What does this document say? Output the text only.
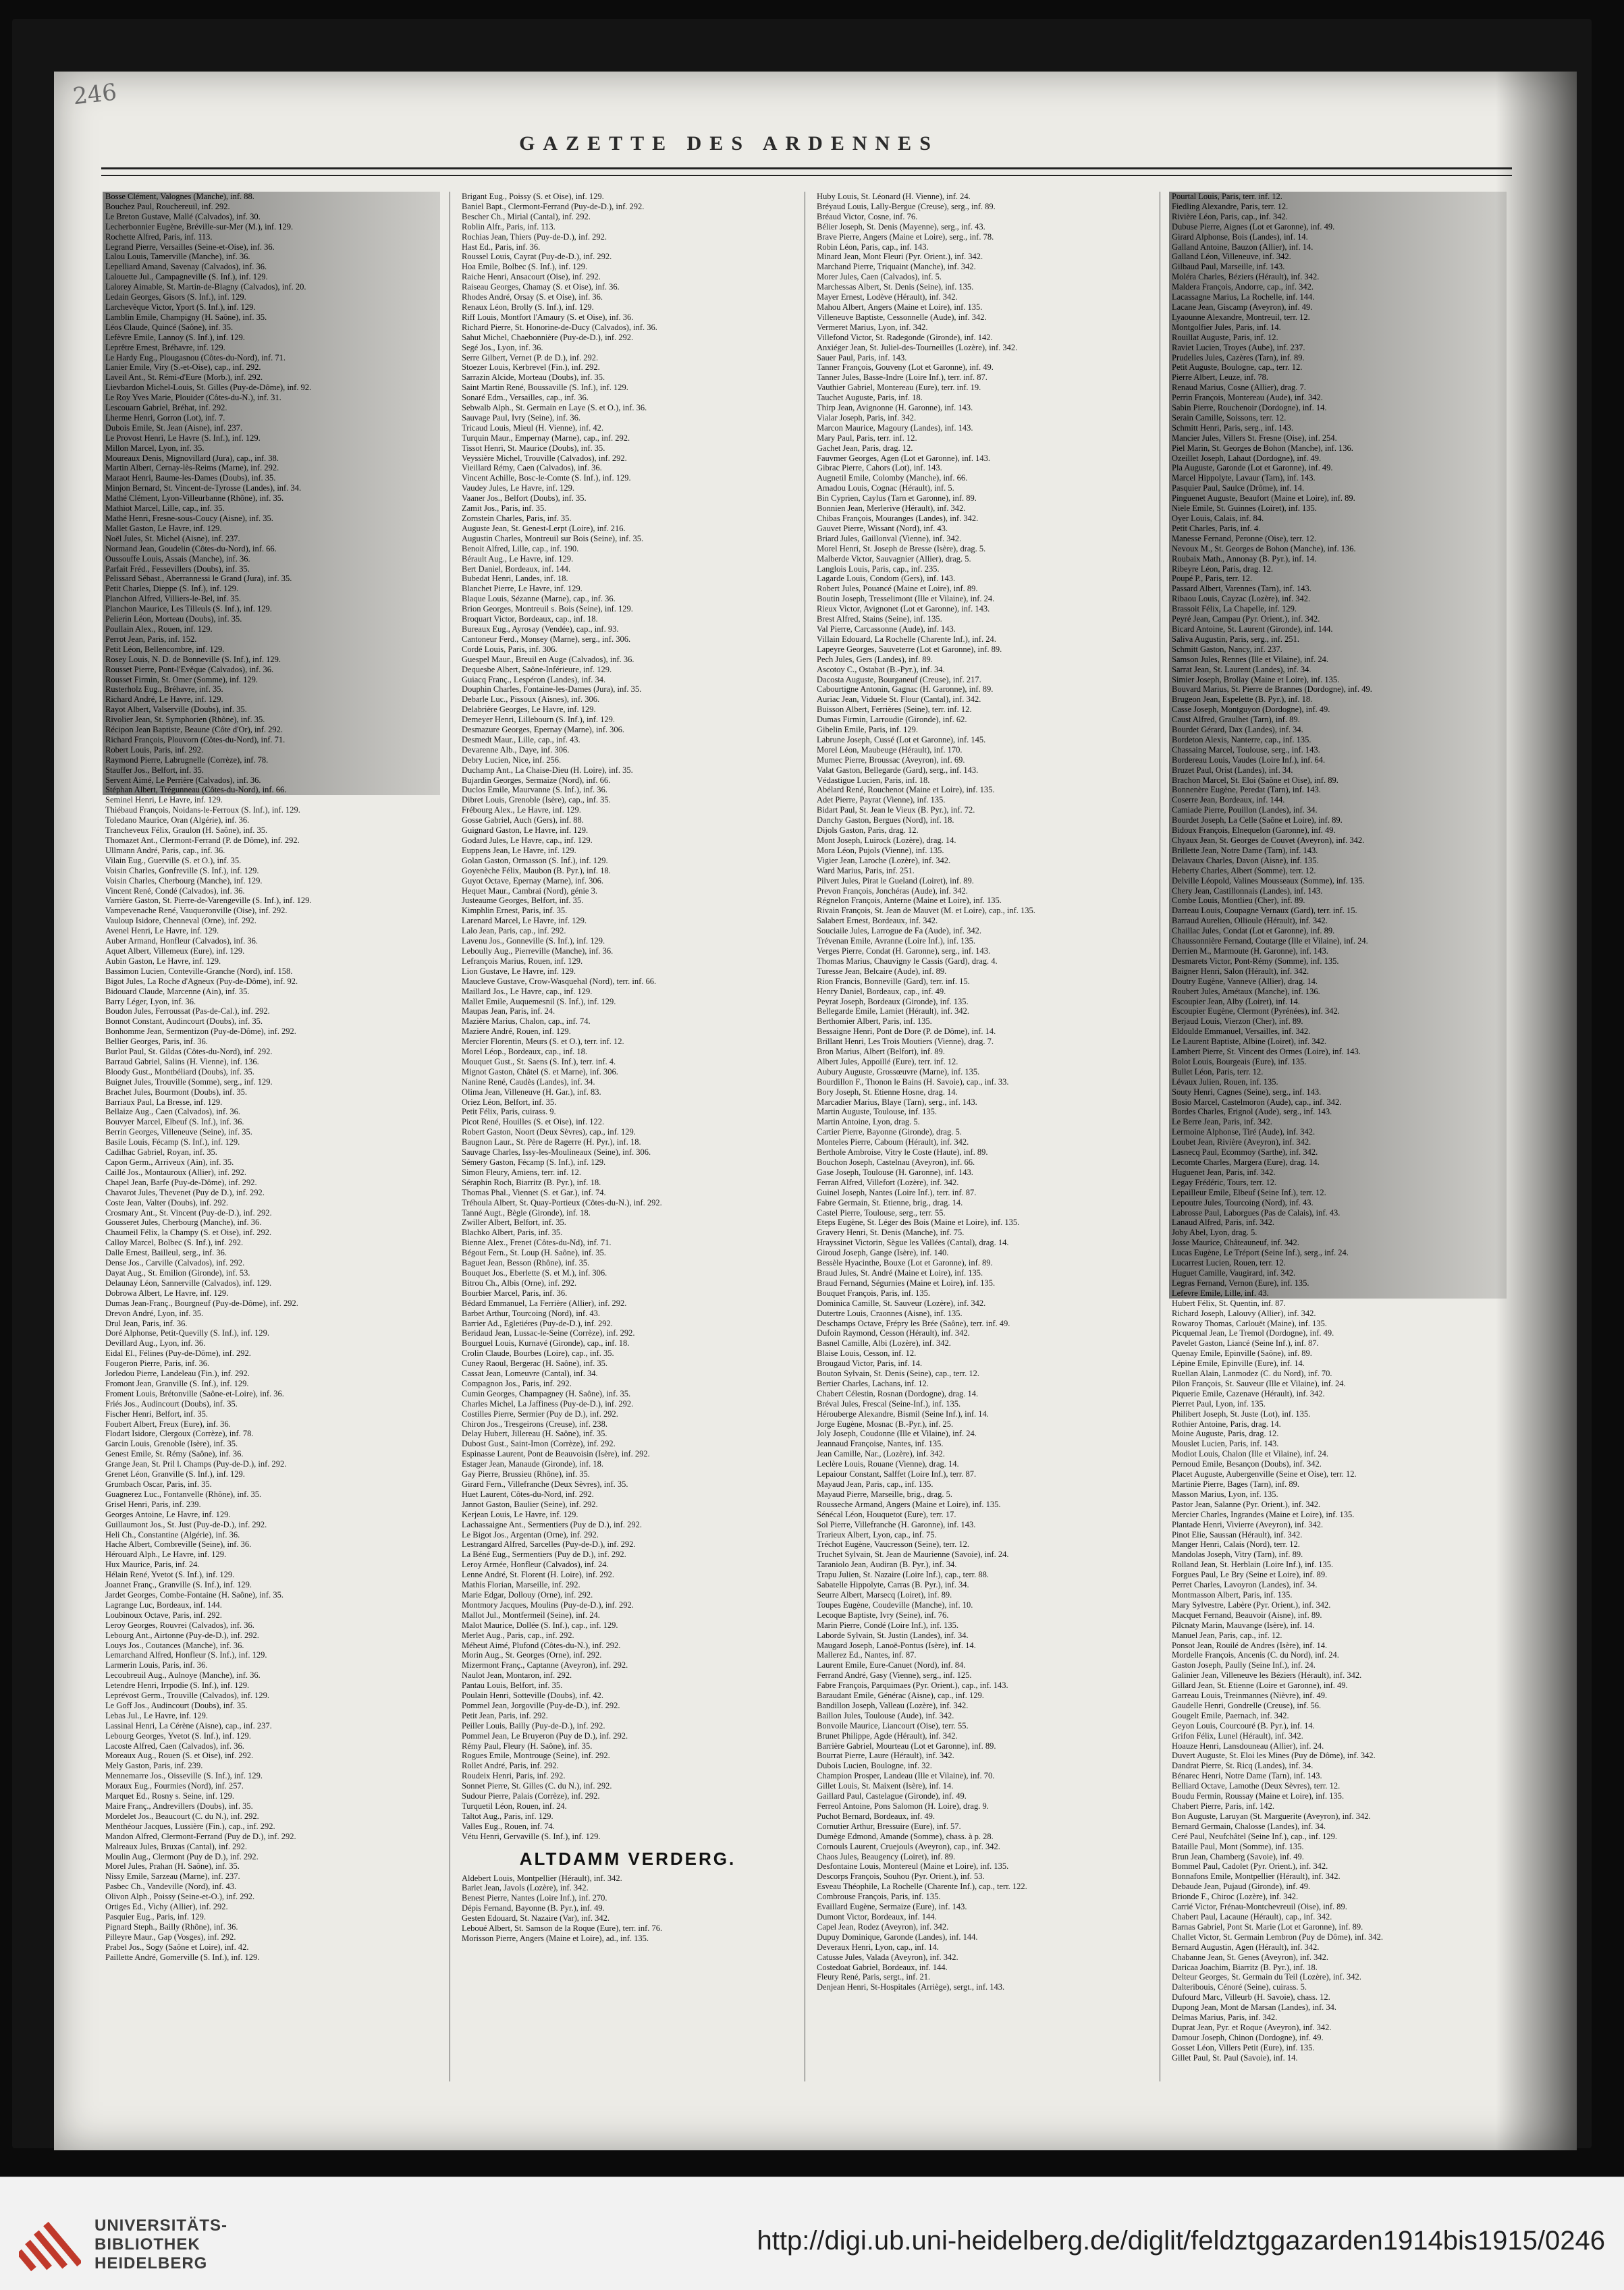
246
GAZETTE DES ARDENNES
Bosse Clément, Valognes (Manche), inf. 88.
Bouchez Paul, Rouchereuil, inf. 292.
Le Breton Gustave, Mallé (Calvados), inf. 30.
Lecherbonnier Eugène, Bréville-sur-Mer (M.), inf. 129.
Rochette Alfred, Paris, inf. 113.
Legrand Pierre, Versailles (Seine-et-Oise), inf. 36.
Lalou Louis, Tamerville (Manche), inf. 36.
Lepelliard Amand, Savenay (Calvados), inf. 36.
Lalouette Jul., Campagneville (S. Inf.), inf. 129.
Lalorey Aimable, St. Martin-de-Blagny (Calvados), inf. 20.
Ledain Georges, Gisors (S. Inf.), inf. 129.
Larchevèque Victor, Yport (S. Inf.), inf. 129.
Lamblin Emile, Champigny (H. Saône), inf. 35.
Léos Claude, Quincé (Saône), inf. 35.
Lefèvre Emile, Lannoy (S. Inf.), inf. 129.
Leprêtre Ernest, Bréhavre, inf. 129.
Le Hardy Eug., Plougasnou (Côtes-du-Nord), inf. 71.
Lanier Emile, Viry (S.-et-Oise), cap., inf. 292.
Laveil Ant., St. Rémi-d'Eure (Morb.), inf. 292.
Lievbardon Michel-Louis, St. Gilles (Puy-de-Dôme), inf. 92.
Le Roy Yves Marie, Plouider (Côtes-du-N.), inf. 31.
Lescouarn Gabriel, Bréhat, inf. 292.
Lherme Henri, Gorron (Lot), inf. 7.
Dubois Emile, St. Jean (Aisne), inf. 237.
Le Provost Henri, Le Havre (S. Inf.), inf. 129.
Millon Marcel, Lyon, inf. 35.
Moureaux Denis, Mignovillard (Jura), cap., inf. 38.
Martin Albert, Cernay-lès-Reims (Marne), inf. 292.
Maraot Henri, Baume-les-Dames (Doubs), inf. 35.
Minjon Bernard, St. Vincent-de-Tyrosse (Landes), inf. 34.
Mathé Clément, Lyon-Villeurbanne (Rhône), inf. 35.
Mathiot Marcel, Lille, cap., inf. 35.
Mathé Henri, Fresne-sous-Coucy (Aisne), inf. 35.
Mallet Gaston, Le Havre, inf. 129.
Noël Jules, St. Michel (Aisne), inf. 237.
Normand Jean, Goudelin (Côtes-du-Nord), inf. 66.
Oussouffe Louis, Assais (Manche), inf. 36.
Parfait Fréd., Fessevillers (Doubs), inf. 35.
Pelissard Sébast., Aberrannessi le Grand (Jura), inf. 35.
Petit Charles, Dieppe (S. Inf.), inf. 129.
Planchon Alfred, Villiers-le-Bel, inf. 35.
Planchon Maurice, Les Tilleuls (S. Inf.), inf. 129.
Pelierin Léon, Morteau (Doubs), inf. 35.
Poullain Alex., Rouen, inf. 129.
Perrot Jean, Paris, inf. 152.
Petit Léon, Bellencombre, inf. 129.
Rosey Louis, N. D. de Bonneville (S. Inf.), inf. 129.
Rousset Pierre, Pont-l'Evêque (Calvados), inf. 36.
Rousset Firmin, St. Omer (Somme), inf. 129.
Rusterholz Eug., Bréhavre, inf. 35.
Richard André, Le Havre, inf. 129.
Rayot Albert, Valserville (Doubs), inf. 35.
Rivolier Jean, St. Symphorien (Rhône), inf. 35.
Récipon Jean Baptiste, Beaune (Côte d'Or), inf. 292.
Richard François, Plouvorn (Côtes-du-Nord), inf. 71.
Robert Louis, Paris, inf. 292.
Raymond Pierre, Labrugnelle (Corrèze), inf. 78.
Stauffer Jos., Belfort, inf. 35.
Servent Aimé, Le Perrière (Calvados), inf. 36.
Stéphan Albert, Trégunneau (Côtes-du-Nord), inf. 66.
Seminel Henri, Le Havre, inf. 129.
Thiébaud François, Noidans-le-Ferroux (S. Inf.), inf. 129.
Toledano Maurice, Oran (Algérie), inf. 36.
Trancheveux Félix, Graulon (H. Saône), inf. 35.
Thomazet Ant., Clermont-Ferrand (P. de Dôme), inf. 292.
Ullmann André, Paris, cap., inf. 36.
Vilain Eug., Guerville (S. et O.), inf. 35.
Voisin Charles, Gonfreville (S. Inf.), inf. 129.
Voisin Charles, Cherbourg (Manche), inf. 129.
Vincent René, Condé (Calvados), inf. 36.
Varrière Gaston, St. Pierre-de-Varengeville (S. Inf.), inf. 129.
Vampevenache René, Vauqueronville (Oise), inf. 292.
Vauloup Isidore, Chenneval (Orne), inf. 292.
Avenel Henri, Le Havre, inf. 129.
Auber Armand, Honfleur (Calvados), inf. 36.
Aquet Albert, Villemeux (Eure), inf. 129.
Aubin Gaston, Le Havre, inf. 129.
Bassimon Lucien, Conteville-Granche (Nord), inf. 158.
Bigot Jules, La Roche d'Agneux (Puy-de-Dôme), inf. 92.
Bidouard Claude, Marcenne (Ain), inf. 35.
Barry Léger, Lyon, inf. 36.
Boudon Jules, Ferroussat (Pas-de-Cal.), inf. 292.
Bonnot Constant, Audincourt (Doubs), inf. 35.
Bonhomme Jean, Sermentizon (Puy-de-Dôme), inf. 292.
Bellier Georges, Paris, inf. 36.
Burlot Paul, St. Gildas (Côtes-du-Nord), inf. 292.
Barraud Gabriel, Salins (H. Vienne), inf. 136.
Bloody Gust., Montbéliard (Doubs), inf. 35.
Buignet Jules, Trouville (Somme), serg., inf. 129.
Brachet Jules, Bourmont (Doubs), inf. 35.
Barriaux Paul, La Bresse, inf. 129.
Bellaize Aug., Caen (Calvados), inf. 36.
Bouvyer Marcel, Elbeuf (S. Inf.), inf. 36.
Berrin Georges, Villeneuve (Seine), inf. 35.
Basile Louis, Fécamp (S. Inf.), inf. 129.
Cadilhac Gabriel, Royan, inf. 35.
Capon Germ., Arriveux (Ain), inf. 35.
Caillé Jos., Montauroux (Allier), inf. 292.
Chapel Jean, Barfe (Puy-de-Dôme), inf. 292.
Chavarot Jules, Thevenet (Puy de D.), inf. 292.
Coste Jean, Valter (Doubs), inf. 292.
Crosmary Ant., St. Vincent (Puy-de-D.), inf. 292.
Gousseret Jules, Cherbourg (Manche), inf. 36.
Chaumeil Félix, la Champy (S. et Oise), inf. 292.
Calloy Marcel, Bolbec (S. Inf.), inf. 292.
Dalle Ernest, Bailleul, serg., inf. 36.
Dense Jos., Carville (Calvados), inf. 292.
Dayat Aug., St. Emilion (Gironde), inf. 53.
Delaunay Léon, Sannerville (Calvados), inf. 129.
Dobrowa Albert, Le Havre, inf. 129.
Dumas Jean-Franç., Bourgneuf (Puy-de-Dôme), inf. 292.
Drevon André, Lyon, inf. 35.
Drul Jean, Paris, inf. 36.
Doré Alphonse, Petit-Quevilly (S. Inf.), inf. 129.
Devillard Aug., Lyon, inf. 36.
Eidal El., Félines (Puy-de-Dôme), inf. 292.
Fougeron Pierre, Paris, inf. 36.
Jorledou Pierre, Landeleau (Fin.), inf. 292.
Fromont Jean, Granville (S. Inf.), inf. 129.
Froment Louis, Brétonville (Saône-et-Loire), inf. 36.
Friés Jos., Audincourt (Doubs), inf. 35.
Fischer Henri, Belfort, inf. 35.
Foubert Albert, Freux (Eure), inf. 36.
Flodart Isidore, Clergoux (Corrèze), inf. 78.
Garcin Louis, Grenoble (Isère), inf. 35.
Genest Emile, St. Rémy (Saône), inf. 36.
Grange Jean, St. Pril l. Champs (Puy-de-D.), inf. 292.
Grenet Léon, Granville (S. Inf.), inf. 129.
Grumbach Oscar, Paris, inf. 35.
Guagnerez Luc., Fontanvelle (Rhône), inf. 35.
Grisel Henri, Paris, inf. 239.
Georges Antoine, Le Havre, inf. 129.
Guillaumont Jos., St. Just (Puy-de-D.), inf. 292.
Heli Ch., Constantine (Algérie), inf. 36.
Hache Albert, Combreville (Seine), inf. 36.
Hérouard Alph., Le Havre, inf. 129.
Hux Maurice, Paris, inf. 24.
Hélain René, Yvetot (S. Inf.), inf. 129.
Joannet Franç., Granville (S. Inf.), inf. 129.
Jardet Georges, Combe-Fontaine (H. Saône), inf. 35.
Lagrange Luc, Bordeaux, inf. 144.
Loubinoux Octave, Paris, inf. 292.
Leroy Georges, Rouvrei (Calvados), inf. 36.
Lebourg Ant., Airtonne (Puy-de-D.), inf. 292.
Louys Jos., Coutances (Manche), inf. 36.
Lemarchand Alfred, Honfleur (S. Inf.), inf. 129.
Larmerin Louis, Paris, inf. 36.
Lecoubreuil Aug., Aulnoye (Manche), inf. 36.
Letendre Henri, Irrpodie (S. Inf.), inf. 129.
Leprévost Germ., Trouville (Calvados), inf. 129.
Le Goff Jos., Audincourt (Doubs), inf. 35.
Lebas Jul., Le Havre, inf. 129.
Lassinal Henri, La Cérène (Aisne), cap., inf. 237.
Lebourg Georges, Yvetot (S. Inf.), inf. 129.
Lacoste Alfred, Caen (Calvados), inf. 36.
Moreaux Aug., Rouen (S. et Oise), inf. 292.
Mely Gaston, Paris, inf. 239.
Mennemarre Jos., Oisseville (S. Inf.), inf. 129.
Moraux Eug., Fourmies (Nord), inf. 257.
Marquet Ed., Rosny s. Seine, inf. 129.
Maire Franç., Andrevillers (Doubs), inf. 35.
Mordelet Jos., Beaucourt (C. du N.), inf. 292.
Menthéour Jacques, Lussière (Fin.), cap., inf. 292.
Mandon Alfred, Clermont-Ferrand (Puy de D.), inf. 292.
Malreaux Jules, Bruxas (Cantal), inf. 292.
Moulin Aug., Clermont (Puy de D.), inf. 292.
Morel Jules, Prahan (H. Saône), inf. 35.
Nissy Emile, Sarzeau (Marne), inf. 237.
Pasbec Ch., Vandeville (Nord), inf. 43.
Olivon Alph., Poissy (Seine-et-O.), inf. 292.
Ortiges Ed., Vichy (Allier), inf. 292.
Pasquier Eug., Paris, inf. 129.
Pignard Steph., Bailly (Rhône), inf. 36.
Pilleyre Maur., Gap (Vosges), inf. 292.
Prabel Jos., Sogy (Saône et Loire), inf. 42.
Paillette André, Gomerville (S. Inf.), inf. 129.
Brigant Eug., Poissy (S. et Oise), inf. 129.
Baniel Bapt., Clermont-Ferrand (Puy-de-D.), inf. 292.
Bescher Ch., Mirial (Cantal), inf. 292.
Roblin Alfr., Paris, inf. 113.
Rochias Jean, Thiers (Puy-de-D.), inf. 292.
Hast Ed., Paris, inf. 36.
Roussel Louis, Cayrat (Puy-de-D.), inf. 292.
Hoa Emile, Bolbec (S. Inf.), inf. 129.
Raiche Henri, Ansacourt (Oise), inf. 292.
Raiseau Georges, Chamay (S. et Oise), inf. 36.
Rhodes André, Orsay (S. et Oise), inf. 36.
Renaux Léon, Brolly (S. Inf.), inf. 129.
Riff Louis, Montfort l'Amaury (S. et Oise), inf. 36.
Richard Pierre, St. Honorine-de-Ducy (Calvados), inf. 36.
Sahut Michel, Chaebonnière (Puy-de-D.), inf. 292.
Segé Jos., Lyon, inf. 36.
Serre Gilbert, Vernet (P. de D.), inf. 292.
Stoezer Louis, Kerbrevel (Fin.), inf. 292.
Sarrazin Alcide, Morteau (Doubs), inf. 35.
Saint Martin René, Boussaville (S. Inf.), inf. 129.
Sonaré Edm., Versailles, cap., inf. 36.
Sebwalb Alph., St. Germain en Laye (S. et O.), inf. 36.
Sauvage Paul, Ivry (Seine), inf. 36.
Tricaud Louis, Mieul (H. Vienne), inf. 42.
Turquin Maur., Empernay (Marne), cap., inf. 292.
Tissot Henri, St. Maurice (Doubs), inf. 35.
Veyssière Michel, Trouville (Calvados), inf. 292.
Vieillard Rémy, Caen (Calvados), inf. 36.
Vincent Achille, Bosc-le-Comte (S. Inf.), inf. 129.
Vaudey Jules, Le Havre, inf. 129.
Vaaner Jos., Belfort (Doubs), inf. 35.
Zamit Jos., Paris, inf. 35.
Zornstein Charles, Paris, inf. 35.
Auguste Jean, St. Genest-Lerpt (Loire), inf. 216.
Augustin Charles, Montreuil sur Bois (Seine), inf. 35.
Benoit Alfred, Lille, cap., inf. 190.
Bérault Aug., Le Havre, inf. 129.
Bert Daniel, Bordeaux, inf. 144.
Bubedat Henri, Landes, inf. 18.
Blanchet Pierre, Le Havre, inf. 129.
Blaque Louis, Sézanne (Marne), cap., inf. 36.
Brion Georges, Montreuil s. Bois (Seine), inf. 129.
Broquart Victor, Bordeaux, cap., inf. 18.
Bureaux Eug., Ayrosay (Vendée), cap., inf. 93.
Cantoneur Ferd., Monsey (Marne), serg., inf. 306.
Cordé Louis, Paris, inf. 306.
Guespel Maur., Breuil en Auge (Calvados), inf. 36.
Dequesbe Albert, Saône-Inférieure, inf. 129.
Guiacq Franç., Lespéron (Landes), inf. 34.
Douphin Charles, Fontaine-les-Dames (Jura), inf. 35.
Debarle Luc., Pissoux (Aisnes), inf. 306.
Delabrière Georges, Le Havre, inf. 129.
Demeyer Henri, Lillebourn (S. Inf.), inf. 129.
Desmazure Georges, Epernay (Marne), inf. 306.
Desmedt Maur., Lille, cap., inf. 43.
Devarenne Alb., Daye, inf. 306.
Debry Lucien, Nice, inf. 256.
Duchamp Ant., La Chaise-Dieu (H. Loire), inf. 35.
Bujardin Georges, Sermaize (Nord), inf. 66.
Duclos Emile, Maurvanne (S. Inf.), inf. 36.
Dibret Louis, Grenoble (Isère), cap., inf. 35.
Frébourg Alex., Le Havre, inf. 129.
Gosse Gabriel, Auch (Gers), inf. 88.
Guignard Gaston, Le Havre, inf. 129.
Godard Jules, Le Havre, cap., inf. 129.
Euppens Jean, Le Havre, inf. 129.
Golan Gaston, Ormasson (S. Inf.), inf. 129.
Goyenèche Félix, Maubon (B. Pyr.), inf. 18.
Guyot Octave, Epernay (Marne), inf. 306.
Hequet Maur., Cambrai (Nord), génie 3.
Justeaume Georges, Belfort, inf. 35.
Kimphlin Ernest, Paris, inf. 35.
Larenard Marcel, Le Havre, inf. 129.
Lalo Jean, Paris, cap., inf. 292.
Lavenu Jos., Gonneville (S. Inf.), inf. 129.
Leboully Aug., Pierreville (Manche), inf. 36.
Lefrançois Marius, Rouen, inf. 129.
Lion Gustave, Le Havre, inf. 129.
Maucleve Gustave, Crow-Wasquehal (Nord), terr. inf. 66.
Maillard Jos., Le Havre, cap., inf. 129.
Mallet Emile, Auquemesnil (S. Inf.), inf. 129.
Maupas Jean, Paris, inf. 24.
Mazière Marius, Chalon, cap., inf. 74.
Maziere André, Rouen, inf. 129.
Mercier Florentin, Meurs (S. et O.), terr. inf. 12.
Morel Léop., Bordeaux, cap., inf. 18.
Mouquet Gust., St. Saens (S. Inf.), terr. inf. 4.
Mignot Gaston, Châtel (S. et Marne), inf. 306.
Nanine René, Caudès (Landes), inf. 34.
Olima Jean, Villeneuve (H. Gar.), inf. 83.
Oriez Léon, Belfort, inf. 35.
Petit Félix, Paris, cuirass. 9.
Picot René, Houilles (S. et Oise), inf. 122.
Robert Gaston, Noort (Deux Sèvres), cap., inf. 129.
Baugnon Laur., St. Père de Ragerre (H. Pyr.), inf. 18.
Sauvage Charles, Issy-les-Moulineaux (Seine), inf. 306.
Sémery Gaston, Fécamp (S. Inf.), inf. 129.
Simon Fleury, Amiens, terr. inf. 12.
Séraphin Roch, Biarritz (B. Pyr.), inf. 18.
Thomas Phal., Viennet (S. et Gar.), inf. 74.
Tréhoula Albert, St. Quay-Portieux (Côtes-du-N.), inf. 292.
Tanné Augt., Bègle (Gironde), inf. 18.
Zwiller Albert, Belfort, inf. 35.
Blachko Albert, Paris, inf. 35.
Bienne Alex., Frenet (Côtes-du-Nd), inf. 71.
Bégout Fern., St. Loup (H. Saône), inf. 35.
Baguet Jean, Besson (Rhône), inf. 35.
Bouquet Jos., Eberlette (S. et M.), inf. 306.
Bitrou Ch., Albis (Orne), inf. 292.
Bourbier Marcel, Paris, inf. 36.
Bédard Emmanuel, La Ferrière (Allier), inf. 292.
Barbet Arthur, Tourcoing (Nord), inf. 43.
Barrier Ad., Egletiéres (Puy-de-D.), inf. 292.
Beridaud Jean, Lussac-le-Seine (Corrèze), inf. 292.
Bourguel Louis, Kurnavé (Gironde), cap., inf. 18.
Crolin Claude, Bourbes (Loire), cap., inf. 35.
Cuney Raoul, Bergerac (H. Saône), inf. 35.
Cassat Jean, Lomeuvre (Cantal), inf. 34.
Compagnon Jos., Paris, inf. 292.
Cumin Georges, Champagney (H. Saône), inf. 35.
Charles Michel, La Jaffiness (Puy-de-D.), inf. 292.
Costilles Pierre, Sermier (Puy de D.), inf. 292.
Chiron Jos., Tresgeirons (Creuse), inf. 238.
Delay Hubert, Jillereau (H. Saône), inf. 35.
Dubost Gust., Saint-Imon (Corrèze), inf. 292.
Espinasse Laurent, Pont de Beauvoisin (Isère), inf. 292.
Estager Jean, Manaude (Gironde), inf. 18.
Gay Pierre, Brussieu (Rhône), inf. 35.
Girard Fern., Villefranche (Deux Sèvres), inf. 35.
Huet Laurent, Côtes-du-Nord, inf. 292.
Jannot Gaston, Baulier (Seine), inf. 292.
Kerjean Louis, Le Havre, inf. 129.
Lachassaigne Ant., Sermentiers (Puy de D.), inf. 292.
Le Bigot Jos., Argentan (Orne), inf. 292.
Lestrangard Alfred, Sarcelles (Puy-de-D.), inf. 292.
La Béné Eug., Sermentiers (Puy de D.), inf. 292.
Leroy Armée, Honfleur (Calvados), inf. 24.
Lenne André, St. Florent (H. Loire), inf. 292.
Mathis Florian, Marseille, inf. 292.
Marie Edgar, Dollouy (Orne), inf. 292.
Montmory Jacques, Moulins (Puy-de-D.), inf. 292.
Mallot Jul., Montfermeil (Seine), inf. 24.
Malot Maurice, Dollée (S. Inf.), cap., inf. 129.
Merlet Aug., Paris, cap., inf. 292.
Méheut Aimé, Plufond (Côtes-du-N.), inf. 292.
Morin Aug., St. Georges (Orne), inf. 292.
Mizermont Franç., Captanne (Aveyron), inf. 292.
Naulot Jean, Montaron, inf. 292.
Pantau Louis, Belfort, inf. 35.
Poulain Henri, Sotteville (Doubs), inf. 42.
Pommel Jean, Jorgoville (Puy-de-D.), inf. 292.
Petit Jean, Paris, inf. 292.
Peiller Louis, Bailly (Puy-de-D.), inf. 292.
Pommel Jean, Le Bruyeron (Puy de D.), inf. 292.
Rémy Paul, Fleury (H. Saône), inf. 35.
Rogues Emile, Montrouge (Seine), inf. 292.
Rollet André, Paris, inf. 292.
Roudeix Henri, Paris, inf. 292.
Sonnet Pierre, St. Gilles (C. du N.), inf. 292.
Sudour Pierre, Palais (Corrèze), inf. 292.
Turquetil Léon, Rouen, inf. 24.
Taltot Aug., Paris, inf. 129.
Valles Eug., Rouen, inf. 74.
Vétu Henri, Gervaville (S. Inf.), inf. 129.
ALTDAMM VERDERG.
Aldebert Louis, Montpellier (Hérault), inf. 342.
Barlet Jean, Javols (Lozère), inf. 342.
Benest Pierre, Nantes (Loire Inf.), inf. 270.
Dépis Fernand, Bayonne (B. Pyr.), inf. 49.
Gesten Edouard, St. Nazaire (Var), inf. 342.
Leboué Albert, St. Samson de la Roque (Eure), terr. inf. 76.
Morisson Pierre, Angers (Maine et Loire), ad., inf. 135.
Huby Louis, St. Léonard (H. Vienne), inf. 24.
Bréyaud Louis, Lally-Bergue (Creuse), serg., inf. 89.
Bréaud Victor, Cosne, inf. 76.
Bélier Joseph, St. Denis (Mayenne), serg., inf. 43.
Brave Pierre, Angers (Maine et Loire), serg., inf. 78.
Robin Léon, Paris, cap., inf. 143.
Minard Jean, Mont Fleuri (Pyr. Orient.), inf. 342.
Marchand Pierre, Triquaint (Manche), inf. 342.
Morer Jules, Caen (Calvados), inf. 5.
Marchessas Albert, St. Denis (Seine), inf. 135.
Mayer Ernest, Lodève (Hérault), inf. 342.
Mahou Albert, Angers (Maine et Loire), inf. 135.
Villeneuve Baptiste, Cessonnelle (Aude), inf. 342.
Vermeret Marius, Lyon, inf. 342.
Villefond Victor, St. Radegonde (Gironde), inf. 142.
Anxiéger Jean, St. Juliel-des-Tourneilles (Lozère), inf. 342.
Sauer Paul, Paris, inf. 143.
Tanner François, Gouveny (Lot et Garonne), inf. 49.
Tanner Jules, Basse-Indre (Loire Inf.), terr. inf. 87.
Vauthier Gabriel, Montereau (Eure), terr. inf. 19.
Tauchet Auguste, Paris, inf. 18.
Thirp Jean, Avignonne (H. Garonne), inf. 143.
Vialar Joseph, Paris, inf. 342.
Marcon Maurice, Magoury (Landes), inf. 143.
Mary Paul, Paris, terr. inf. 12.
Gachet Jean, Paris, drag. 12.
Fauvmer Georges, Agen (Lot et Garonne), inf. 143.
Gibrac Pierre, Cahors (Lot), inf. 143.
Augnetil Emile, Colomby (Manche), inf. 66.
Amadou Louis, Cognac (Hérault), inf. 5.
Bin Cyprien, Caylus (Tarn et Garonne), inf. 89.
Bonnien Jean, Merlerive (Hérault), inf. 342.
Chibas François, Mouranges (Landes), inf. 342.
Gauvet Pierre, Wissant (Nord), inf. 43.
Briard Jules, Gaillonval (Vienne), inf. 342.
Morel Henri, St. Joseph de Bresse (Isère), drag. 5.
Malberde Victor, Sauvagnier (Allier), drag. 5.
Langlois Louis, Paris, cap., inf. 235.
Lagarde Louis, Condom (Gers), inf. 143.
Robert Jules, Pouancé (Maine et Loire), inf. 89.
Boutin Joseph, Tresselimont (Ille et Vilaine), inf. 24.
Rieux Victor, Avignonet (Lot et Garonne), inf. 143.
Brest Alfred, Stains (Seine), inf. 135.
Val Pierre, Carcassonne (Aude), inf. 143.
Villain Edouard, La Rochelle (Charente Inf.), inf. 24.
Lapeyre Georges, Sauveterre (Lot et Garonne), inf. 89.
Pech Jules, Gers (Landes), inf. 89.
Ascotoy C., Ostabat (B.-Pyr.), inf. 34.
Dacosta Auguste, Bourganeuf (Creuse), inf. 217.
Cabourtigne Antonin, Gagnac (H. Garonne), inf. 89.
Auriac Jean, Viduele St. Flour (Cantal), inf. 342.
Buisson Albert, Ferrières (Seine), terr. inf. 12.
Dumas Firmin, Larroudie (Gironde), inf. 62.
Gibelin Emile, Paris, inf. 129.
Labrune Joseph, Cussé (Lot et Garonne), inf. 145.
Morel Léon, Maubeuge (Hérault), inf. 170.
Mumec Pierre, Broussac (Aveyron), inf. 69.
Valat Gaston, Bellegarde (Gard), serg., inf. 143.
Védastigue Lucien, Paris, inf. 18.
Abélard René, Rouchenot (Maine et Loire), inf. 135.
Adet Pierre, Payrat (Vienne), inf. 135.
Bidart Paul, St. Jean le Vieux (B. Pyr.), inf. 72.
Danchy Gaston, Bergues (Nord), inf. 18.
Dijols Gaston, Paris, drag. 12.
Mont Joseph, Luirock (Lozère), drag. 14.
Mora Léon, Pujols (Vienne), inf. 135.
Vigier Jean, Laroche (Lozère), inf. 342.
Ward Marius, Paris, inf. 251.
Pilvert Jules, Pirat le Gueland (Loiret), inf. 89.
Prevon François, Jonchéras (Aude), inf. 342.
Régnelon François, Anterne (Maine et Loire), inf. 135.
Rivain François, St. Jean de Mauvet (M. et Loire), cap., inf. 135.
Salabert Ernest, Bordeaux, inf. 342.
Souciaile Jules, Larrogue de Fa (Aude), inf. 342.
Trévenan Emile, Avranne (Loire Inf.), inf. 135.
Verges Pierre, Condat (H. Garonne), serg., inf. 143.
Thomas Marius, Chauvigny le Cassis (Gard), drag. 4.
Turesse Jean, Belcaire (Aude), inf. 89.
Rion Francis, Bonneville (Gard), terr. inf. 15.
Henry Daniel, Bordeaux, cap., inf. 49.
Peyrat Joseph, Bordeaux (Gironde), inf. 135.
Bellegarde Emile, Lamiet (Hérault), inf. 342.
Berthomier Albert, Paris, inf. 135.
Bessaigne Henri, Pont de Dore (P. de Dôme), inf. 14.
Brillant Henri, Les Trois Moutiers (Vienne), drag. 7.
Bron Marius, Albert (Belfort), inf. 89.
Albert Jules, Appoillé (Eure), terr. inf. 12.
Aubury Auguste, Grossœuvre (Marne), inf. 135.
Bourdillon F., Thonon le Bains (H. Savoie), cap., inf. 33.
Bory Joseph, St. Etienne Hosne, drag. 14.
Marcadier Marius, Blaye (Tarn), serg., inf. 143.
Martin Auguste, Toulouse, inf. 135.
Martin Antoine, Lyon, drag. 5.
Cartier Pierre, Bayonne (Gironde), drag. 5.
Monteles Pierre, Caboum (Hérault), inf. 342.
Berthole Ambroise, Vitry le Coste (Haute), inf. 89.
Bouchon Joseph, Castelnau (Aveyron), inf. 66.
Gase Joseph, Toulouse (H. Garonne), inf. 143.
Ferran Alfred, Villefort (Lozère), inf. 342.
Guinel Joseph, Nantes (Loire Inf.), terr. inf. 87.
Fabre Germain, St. Etienne, brig., drag. 14.
Castel Pierre, Toulouse, serg., terr. 55.
Eteps Eugène, St. Léger des Bois (Maine et Loire), inf. 135.
Gravery Henri, St. Denis (Manche), inf. 75.
Hrayssinet Victorin, Sègue les Vallées (Cantal), drag. 14.
Giroud Joseph, Gange (Isère), inf. 140.
Bessèle Hyacinthe, Bouxe (Lot et Garonne), inf. 89.
Braud Jules, St. André (Maine et Loire), inf. 135.
Braud Fernand, Ségurnies (Maine et Loire), inf. 135.
Bouquet François, Paris, inf. 135.
Dominica Camille, St. Sauveur (Lozère), inf. 342.
Dutertre Louis, Craonnes (Aisne), inf. 135.
Deschamps Octave, Frépry les Brée (Saône), terr. inf. 49.
Dufoin Raymond, Cesson (Hérault), inf. 342.
Basnel Camille, Albi (Lozère), inf. 342.
Blaise Louis, Cesson, inf. 12.
Brougaud Victor, Paris, inf. 14.
Bouton Sylvain, St. Denis (Seine), cap., terr. 12.
Bertier Charles, Lachans, inf. 12.
Chabert Célestin, Rosnan (Dordogne), drag. 14.
Bréval Jules, Frescal (Seine-Inf.), inf. 135.
Hérouberge Alexandre, Bismil (Seine Inf.), inf. 14.
Jorge Eugène, Mosnac (B.-Pyr.), inf. 25.
Joly Joseph, Coudonne (Ille et Vilaine), inf. 24.
Jeannaud Françoise, Nantes, inf. 135.
Jean Camille, Nar., (Lozère), inf. 342.
Leclère Louis, Rouane (Vienne), drag. 14.
Lepaiour Constant, Salffet (Loire Inf.), terr. 87.
Mayaud Jean, Paris, cap., inf. 135.
Mayaud Pierre, Marseille, brig., drag. 5.
Rousseche Armand, Angers (Maine et Loire), inf. 135.
Sénécal Léon, Houquetot (Eure), terr. 17.
Sol Pierre, Villefranche (H. Garonne), inf. 143.
Trarieux Albert, Lyon, cap., inf. 75.
Tréchot Eugène, Vaucresson (Seine), terr. 12.
Truchet Sylvain, St. Jean de Maurienne (Savoie), inf. 24.
Taraniolo Jean, Audiran (B. Pyr.), inf. 34.
Trapu Julien, St. Nazaire (Loire Inf.), cap., terr. 88.
Sabatelle Hippolyte, Carras (B. Pyr.), inf. 34.
Seurre Albert, Marsecq (Loiret), inf. 89.
Toupes Eugène, Coudeville (Manche), inf. 10.
Lecoque Baptiste, Ivry (Seine), inf. 76.
Marin Pierre, Condé (Loire Inf.), inf. 135.
Laborde Sylvain, St. Justin (Landes), inf. 34.
Maugard Joseph, Lanoë-Pontus (Isère), inf. 14.
Mallerez Ed., Nantes, inf. 87.
Laurent Emile, Eure-Canuet (Nord), inf. 84.
Ferrand André, Gasy (Vienne), serg., inf. 125.
Fabre François, Parquimaes (Pyr. Orient.), cap., inf. 143.
Baraudant Emile, Générac (Aisne), cap., inf. 129.
Bandillon Joseph, Valleau (Lozère), inf. 342.
Baillon Jules, Toulouse (Aude), inf. 342.
Bonvoile Maurice, Liancourt (Oise), terr. 55.
Brunet Philippe, Agde (Hérault), inf. 342.
Barrière Gabriel, Mourteau (Lot et Garonne), inf. 89.
Bourrat Pierre, Laure (Hérault), inf. 342.
Dubois Lucien, Boulogne, inf. 32.
Champion Prosper, Landeau (Ille et Vilaine), inf. 70.
Gillet Louis, St. Maixent (Isère), inf. 14.
Gaillard Paul, Castelague (Gironde), inf. 49.
Ferreol Antoine, Pons Salomon (H. Loire), drag. 9.
Puchot Bernard, Bordeaux, inf. 49.
Cornutier Arthur, Bressuire (Eure), inf. 57.
Dumège Edmond, Amande (Somme), chass. à p. 28.
Cornouls Laurent, Cruejouls (Aveyron), cap., inf. 342.
Chaos Jules, Beaugency (Loiret), inf. 89.
Desfontaine Louis, Montereul (Maine et Loire), inf. 135.
Descorps François, Souhou (Pyr. Orient.), inf. 53.
Esveau Théophile, La Rochelle (Charente Inf.), cap., terr. 122.
Combrouse François, Paris, inf. 135.
Evaillard Eugène, Sermaize (Eure), inf. 143.
Dumont Victor, Bordeaux, inf. 144.
Capel Jean, Rodez (Aveyron), inf. 342.
Dupuy Dominique, Garonde (Landes), inf. 144.
Deveraux Henri, Lyon, cap., inf. 14.
Catusse Jules, Valada (Aveyron), inf. 342.
Costedoat Gabriel, Bordeaux, inf. 144.
Fleury René, Paris, sergt., inf. 21.
Denjean Henri, St-Hospitales (Arriège), sergt., inf. 143.
Pourtal Louis, Paris, terr. inf. 12.
Fiedling Alexandre, Paris, terr. 12.
Rivière Léon, Paris, cap., inf. 342.
Dubuse Pierre, Aignes (Lot et Garonne), inf. 49.
Girard Alphonse, Bois (Landes), inf. 14.
Galland Antoine, Bauzon (Allier), inf. 14.
Galland Léon, Villeneuve, inf. 342.
Gilbaud Paul, Marseille, inf. 143.
Moléra Charles, Béziers (Hérault), inf. 342.
Maldera François, Andorre, cap., inf. 342.
Lacassagne Marius, La Rochelle, inf. 144.
Lacane Jean, Giscamp (Aveyron), inf. 49.
Lyaounne Alexandre, Montreuil, terr. 12.
Montgolfier Jules, Paris, inf. 14.
Rouillat Auguste, Paris, inf. 12.
Raviet Lucien, Troyes (Aube), inf. 237.
Prudelles Jules, Cazères (Tarn), inf. 89.
Petit Auguste, Boulogne, cap., terr. 12.
Pierre Albert, Leuze, inf. 78.
Renaud Marius, Cosne (Allier), drag. 7.
Perrin François, Montereau (Aude), inf. 342.
Sabin Pierre, Rouchenoir (Dordogne), inf. 14.
Serain Camille, Soissons, terr. 12.
Schmitt Henri, Paris, serg., inf. 143.
Mancier Jules, Villers St. Fresne (Oise), inf. 254.
Piel Marin, St. Georges de Bohon (Manche), inf. 136.
Ozeillet Joseph, Lahaut (Dordogne), inf. 49.
Pla Auguste, Garonde (Lot et Garonne), inf. 49.
Marcel Hippolyte, Lavaur (Tarn), inf. 143.
Pasquier Paul, Saulce (Drôme), inf. 14.
Pinguenet Auguste, Beaufort (Maine et Loire), inf. 89.
Niele Emile, St. Guinnes (Loiret), inf. 135.
Oyer Louis, Calais, inf. 84.
Petit Charles, Paris, inf. 4.
Manesse Fernand, Peronne (Oise), terr. 12.
Nevoux M., St. Georges de Bohon (Manche), inf. 136.
Roubaix Math., Annonay (B. Pyr.), inf. 14.
Ribeyre Léon, Paris, drag. 12.
Poupé P., Paris, terr. 12.
Passard Albert, Varennes (Tarn), inf. 143.
Ribaou Louis, Cayzac (Lozère), inf. 342.
Brassoit Félix, La Chapelle, inf. 129.
Peyré Jean, Campau (Pyr. Orient.), inf. 342.
Bicard Antoine, St. Laurent (Gironde), inf. 144.
Saliva Augustin, Paris, serg., inf. 251.
Schmitt Gaston, Nancy, inf. 237.
Samson Jules, Rennes (Ille et Vilaine), inf. 24.
Sarrat Jean, St. Laurent (Landes), inf. 34.
Simier Joseph, Brollay (Maine et Loire), inf. 135.
Bouvard Marius, St. Pierre de Brannes (Dordogne), inf. 49.
Brugeon Jean, Espelette (B. Pyr.), inf. 18.
Casse Joseph, Montguyon (Dordogne), inf. 49.
Caust Alfred, Graulhet (Tarn), inf. 89.
Bourdet Gérard, Dax (Landes), inf. 34.
Bordeton Alexis, Nanterre, cap., inf. 135.
Chassaing Marcel, Toulouse, serg., inf. 143.
Bordereau Louis, Vaudes (Loire Inf.), inf. 64.
Bruzet Paul, Orist (Landes), inf. 34.
Brachon Marcel, St. Eloi (Saône et Oise), inf. 89.
Bonnenère Eugène, Peredat (Tarn), inf. 143.
Coserre Jean, Bordeaux, inf. 144.
Camiade Pierre, Pouillon (Landes), inf. 34.
Bourdet Joseph, La Celle (Saône et Loire), inf. 89.
Bidoux François, Elnequelon (Garonne), inf. 49.
Chyaux Jean, St. Georges de Couvet (Aveyron), inf. 342.
Brillette Jean, Notre Dame (Tarn), inf. 143.
Delavaux Charles, Davon (Aisne), inf. 135.
Heberty Charles, Albert (Somme), terr. 12.
Delville Léopold, Valines Mousseaux (Somme), inf. 135.
Chery Jean, Castillonnais (Landes), inf. 143.
Combe Louis, Montlieu (Cher), inf. 89.
Darreau Louis, Coupagne Vernaux (Gard), terr. inf. 15.
Barraud Aurelien, Ollioule (Hérault), inf. 342.
Chaillac Jules, Condat (Lot et Garonne), inf. 89.
Chaussonnière Fernand, Coutarge (Ille et Vilaine), inf. 24.
Derrien M., Marmoute (H. Garonne), inf. 143.
Desmarets Victor, Pont-Rémy (Somme), inf. 135.
Baigner Henri, Salon (Hérault), inf. 342.
Doutry Eugène, Vanneve (Allier), drag. 14.
Roubert Jules, Amétaux (Manche), inf. 136.
Escoupier Jean, Alby (Loiret), inf. 14.
Escoupier Eugène, Clermont (Pyrénées), inf. 342.
Berjaud Louis, Vierzon (Cher), inf. 89.
Eldoulde Emmanuel, Versailles, inf. 342.
Le Laurent Baptiste, Albine (Loiret), inf. 342.
Lambert Pierre, St. Vincent des Ormes (Loire), inf. 143.
Bolot Louis, Bourgeais (Eure), inf. 135.
Bullet Léon, Paris, terr. 12.
Lévaux Julien, Rouen, inf. 135.
Souty Henri, Cagnes (Seine), serg., inf. 143.
Bosio Marcel, Castelmoron (Aude), cap., inf. 342.
Bordes Charles, Erignol (Aude), serg., inf. 143.
Le Berre Jean, Paris, inf. 342.
Lermoine Alphonse, Tiré (Aude), inf. 342.
Loubet Jean, Rivière (Aveyron), inf. 342.
Lasnecq Paul, Ecommoy (Sarthe), inf. 342.
Lecomte Charles, Margera (Eure), drag. 14.
Huguenet Jean, Paris, inf. 342.
Legay Frédéric, Tours, terr. 12.
Lepailleur Emile, Elbeuf (Seine Inf.), terr. 12.
Lepoutre Jules, Tourcoing (Nord), inf. 43.
Labrosse Paul, Laborgues (Pas de Calais), inf. 43.
Lanaud Alfred, Paris, inf. 342.
Joby Abel, Lyon, drag. 5.
Josse Maurice, Châteauneuf, inf. 342.
Lucas Eugène, Le Tréport (Seine Inf.), serg., inf. 24.
Lucarrest Lucien, Rouen, terr. 12.
Huguet Camille, Vaugirard, inf. 342.
Legras Fernand, Vernon (Eure), inf. 135.
Lefevre Emile, Lille, inf. 43.
Hubert Félix, St. Quentin, inf. 87.
Richard Joseph, Lalouvy (Allier), inf. 342.
Rowaroy Thomas, Carlouët (Maine), inf. 135.
Picquemal Jean, Le Tremol (Dordogne), inf. 49.
Pavelet Gaston, Liancé (Seine Inf.), inf. 87.
Quenay Emile, Epinville (Saône), inf. 89.
Lépine Emile, Epinville (Eure), inf. 14.
Ruellan Alain, Lanmodez (C. du Nord), inf. 70.
Pilon François, St. Sauveur (Ille et Vilaine), inf. 24.
Piquerie Emile, Cazenave (Hérault), inf. 342.
Pierret Paul, Lyon, inf. 135.
Philibert Joseph, St. Juste (Lot), inf. 135.
Rothier Antoine, Paris, drag. 14.
Moine Auguste, Paris, drag. 12.
Mouslet Lucien, Paris, inf. 143.
Modiot Louis, Chalon (Ille et Vilaine), inf. 24.
Pernoud Emile, Besançon (Doubs), inf. 342.
Placet Auguste, Aubergenville (Seine et Oise), terr. 12.
Martinie Pierre, Bages (Tarn), inf. 89.
Masson Marius, Lyon, inf. 135.
Pastor Jean, Salanne (Pyr. Orient.), inf. 342.
Mercier Charles, Ingrandes (Maine et Loire), inf. 135.
Plantade Henri, Vivierre (Aveyron), inf. 342.
Pinot Elie, Saussan (Hérault), inf. 342.
Manger Henri, Calais (Nord), terr. 12.
Mandolas Joseph, Vitry (Tarn), inf. 89.
Rolland Jean, St. Herblain (Loire Inf.), inf. 135.
Forgues Paul, Le Bry (Seine et Loire), inf. 89.
Perret Charles, Lavoyron (Landes), inf. 34.
Montmasson Albert, Paris, inf. 135.
Mary Sylvestre, Labère (Pyr. Orient.), inf. 342.
Macquet Fernand, Beauvoir (Aisne), inf. 89.
Pilcnaty Marin, Mauvange (Isère), inf. 14.
Manuel Jean, Paris, cap., inf. 12.
Ponsot Jean, Rouilé de Andres (Isère), inf. 14.
Mordelle François, Ancenis (C. du Nord), inf. 24.
Gaston Joseph, Paully (Seine Inf.), inf. 24.
Galinier Jean, Villeneuve les Béziers (Hérault), inf. 342.
Gillard Jean, St. Etienne (Loire et Garonne), inf. 49.
Garreau Louis, Treinmannes (Nièvre), inf. 49.
Gaudelle Henri, Gondrelle (Creuse), inf. 56.
Gougelt Emile, Paernach, inf. 342.
Geyon Louis, Courcouré (B. Pyr.), inf. 14.
Grifon Félix, Lunel (Hérault), inf. 342.
Hoauze Henri, Lansdouneau (Allier), inf. 24.
Duvert Auguste, St. Eloi les Mines (Puy de Dôme), inf. 342.
Dandrat Pierre, St. Ricq (Landes), inf. 34.
Bénarec Henri, Notre Dame (Tarn), inf. 143.
Belliard Octave, Lamothe (Deux Sèvres), terr. 12.
Boudu Fermin, Roussay (Maine et Loire), inf. 135.
Chabert Pierre, Paris, inf. 142.
Bon Auguste, Laruyan (St. Marguerite (Aveyron), inf. 342.
Bernard Germain, Chalosse (Landes), inf. 34.
Ceré Paul, Neufchâtel (Seine Inf.), cap., inf. 129.
Bataille Paul, Mont (Somme), inf. 135.
Brun Jean, Chamberg (Savoie), inf. 49.
Bommel Paul, Cadolet (Pyr. Orient.), inf. 342.
Bonnafons Emile, Montpellier (Hérault), inf. 342.
Debaude Jean, Pujaud (Gironde), inf. 49.
Brionde F., Chiroc (Lozère), inf. 342.
Carrié Victor, Frénau-Montchevreuil (Oise), inf. 89.
Chabert Paul, Lacaune (Hérault), cap., inf. 342.
Barnas Gabriel, Pont St. Marie (Lot et Garonne), inf. 89.
Challet Victor, St. Germain Lembron (Puy de Dôme), inf. 342.
Bernard Augustin, Agen (Hérault), inf. 342.
Chabanne Jean, St. Genes (Aveyron), inf. 342.
Daricaa Joachim, Biarritz (B. Pyr.), inf. 18.
Delteur Georges, St. Germain du Teil (Lozère), inf. 342.
Dalteribouis, Cénoré (Seine), cuirass. 5.
Dufourd Marc, Villeurb (H. Savoie), chass. 12.
Dupong Jean, Mont de Marsan (Landes), inf. 34.
Delmas Marius, Paris, inf. 342.
Duprat Jean, Pyr. et Roque (Aveyron), inf. 342.
Damour Joseph, Chinon (Dordogne), inf. 49.
Gosset Léon, Villers Petit (Eure), inf. 135.
Gillet Paul, St. Paul (Savoie), inf. 14.
UNIVERSITÄTS-
BIBLIOTHEK
HEIDELBERG
http://digi.ub.uni-heidelberg.de/diglit/feldztggazarden1914bis1915/0246
